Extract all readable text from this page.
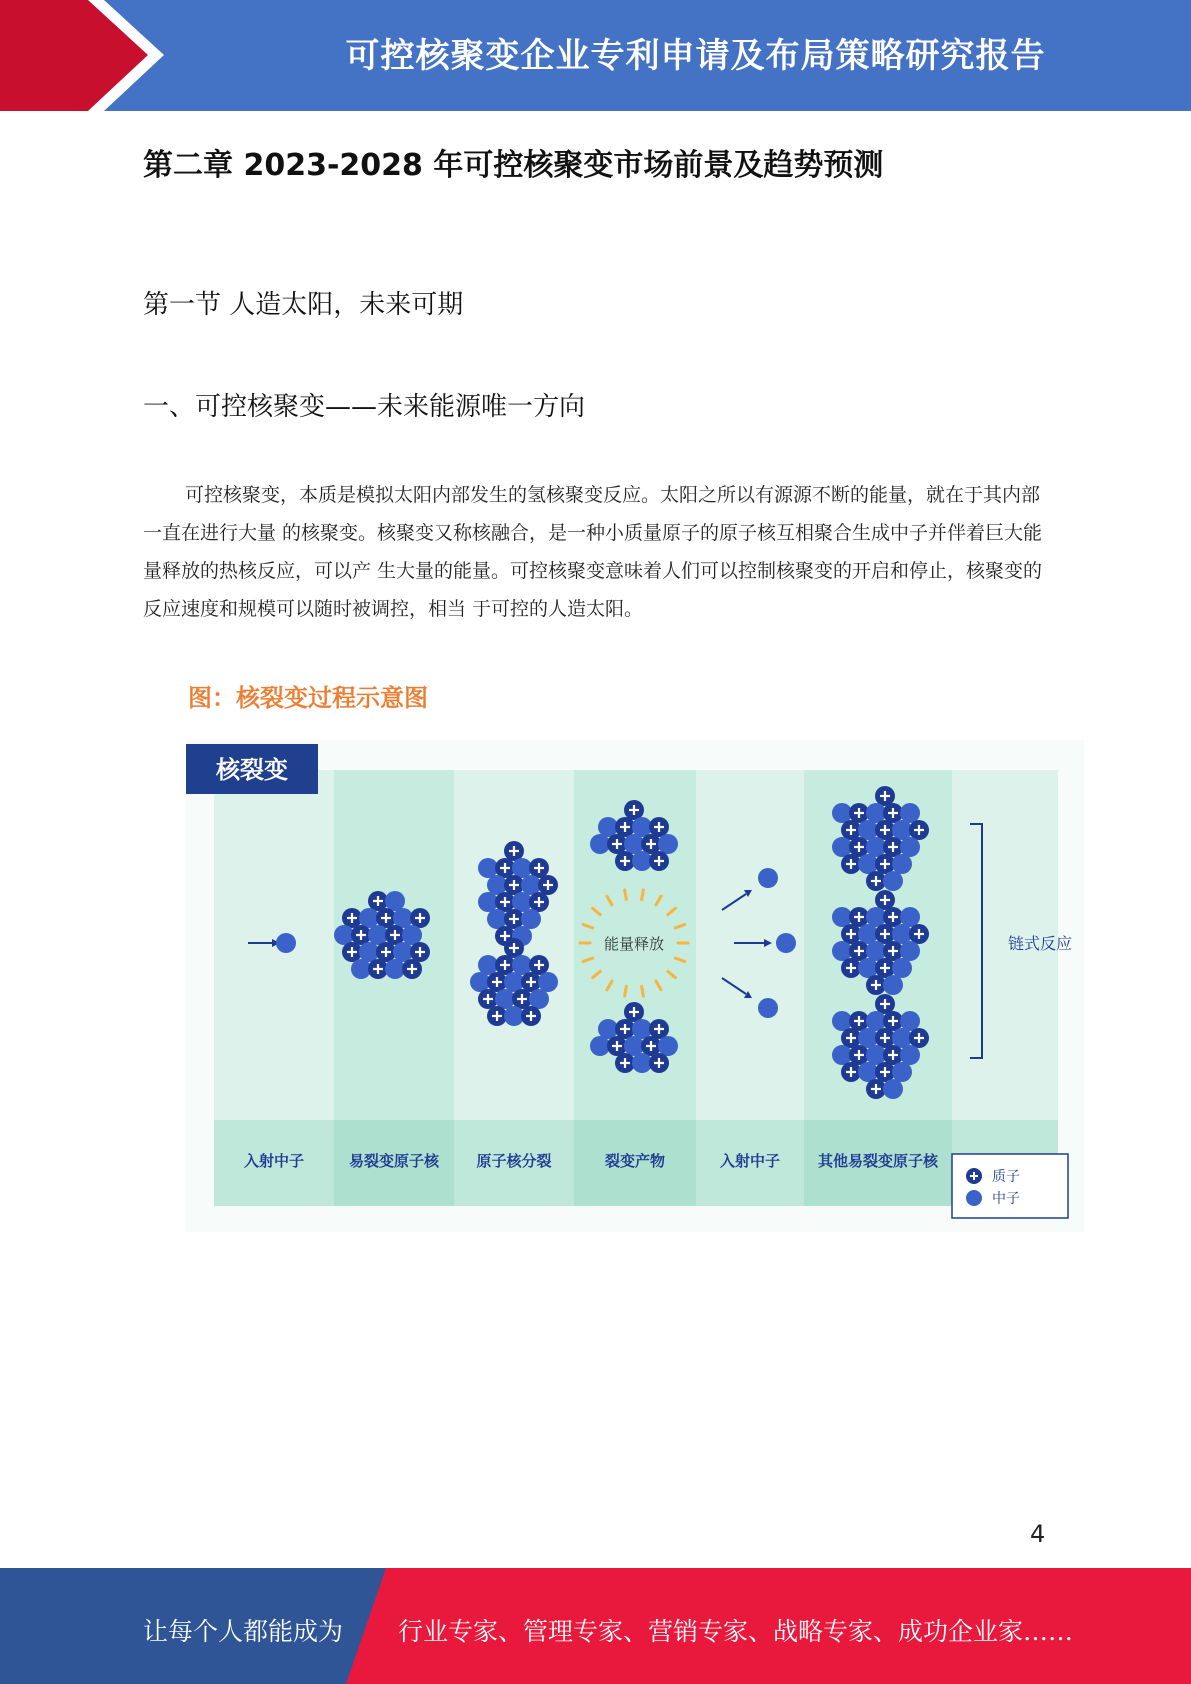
可控核聚变企业专利申请及布局策略研究报告
第二章 2023-2028 年可控核聚变市场前景及趋势预测
第一节 人造太阳，未来可期
一、可控核聚变——未来能源唯一方向

可控核聚变，本质是模拟太阳内部发生的氢核聚变反应。太阳之所以有源源不断的能量，就在于其内部一直在进行大量 的核聚变。核聚变又称核融合，是一种小质量原子的原子核互相聚合生成中子并伴着巨大能量释放的热核反应，可以产 生大量的能量。可控核聚变意味着人们可以控制核聚变的开启和停止，核聚变的反应速度和规模可以随时被调控，相当 于可控的人造太阳。

图：核裂变过程示意图
核裂变
能量释放	链式反应
入射中子	易裂变原子核 原子核分裂	裂变产物	入射中子	其他易裂变原子核
质子
中子
4
让每个人都能成为 行业专家、管理专家、营销专家、战略专家、成功企业家……
